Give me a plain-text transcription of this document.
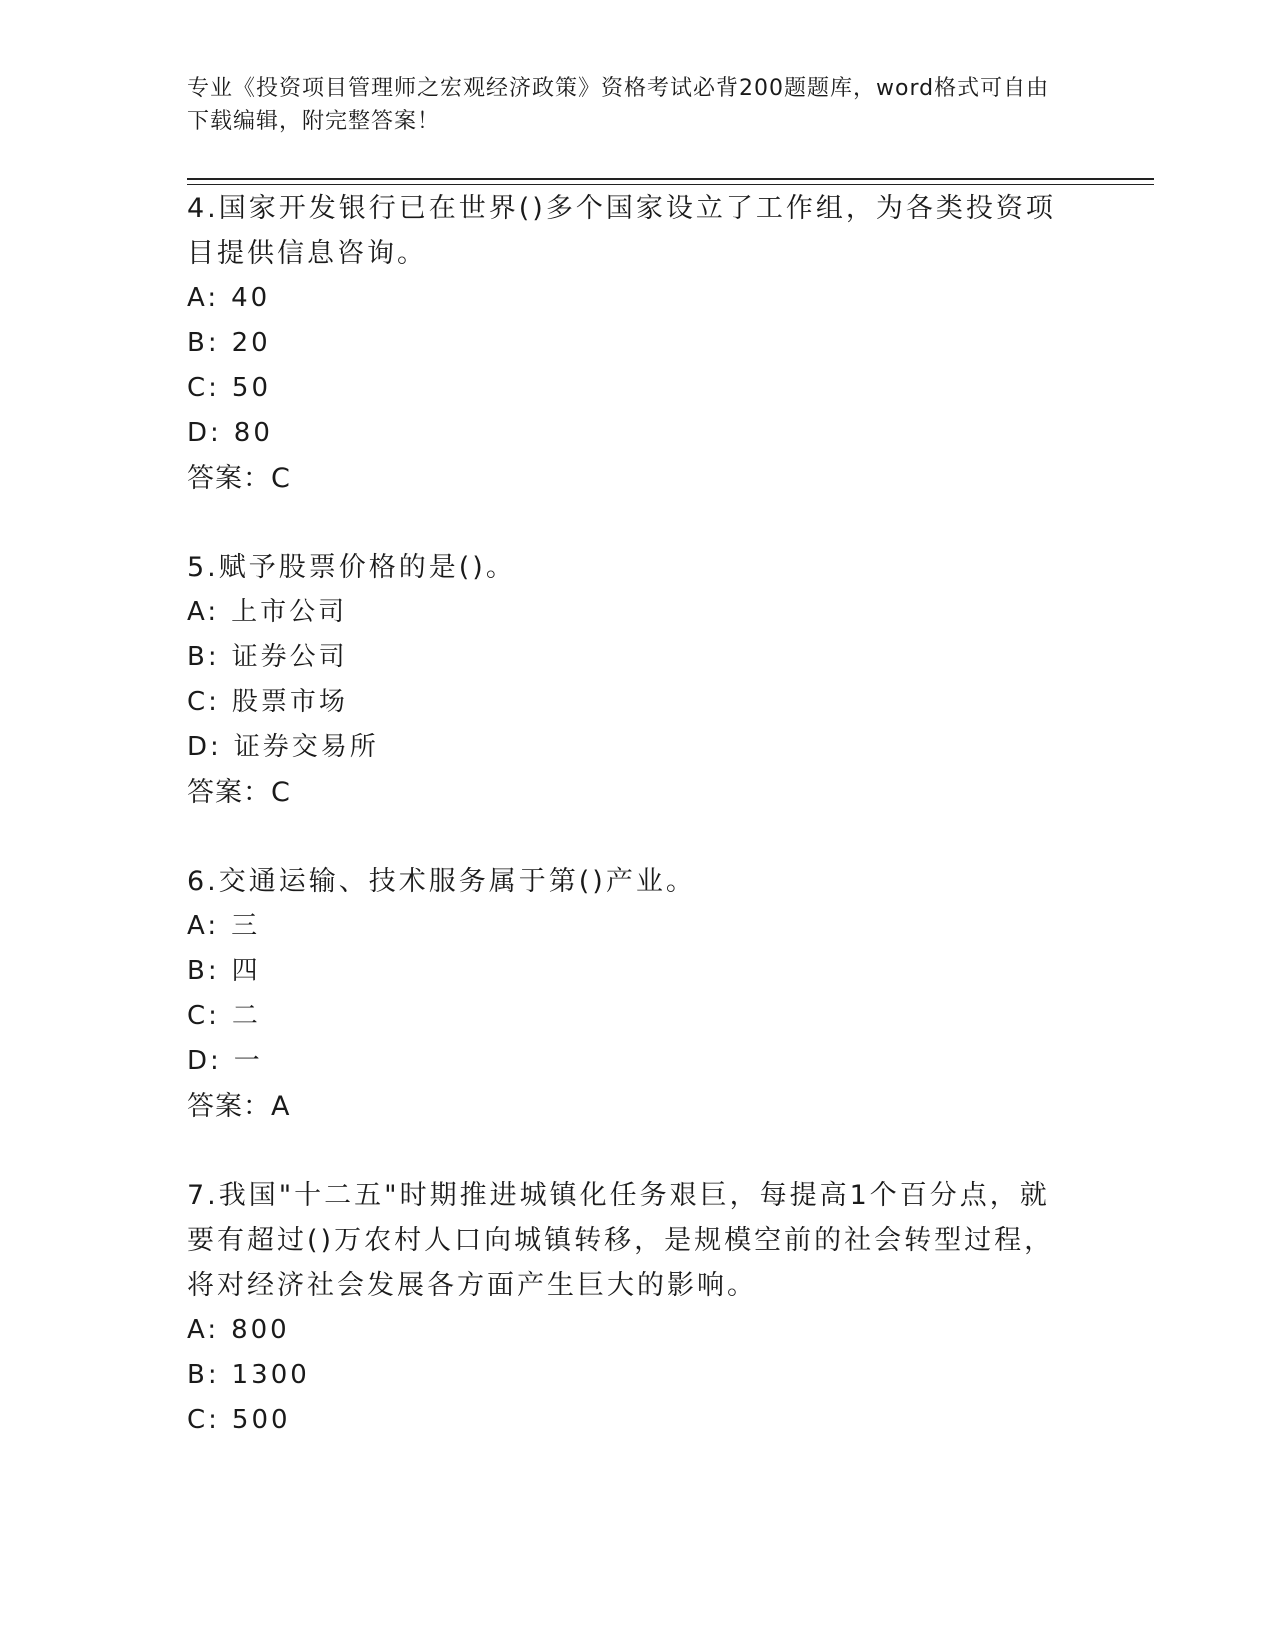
专业《投资项目管理师之宏观经济政策》资格考试必背200题题库，word格式可自由下载编辑，附完整答案！

4.国家开发银行已在世界()多个国家设立了工作组，为各类投资项目提供信息咨询。

A: 40

B: 20

C: 50

D: 80

答案：C

5.赋予股票价格的是()。

A: 上市公司

B: 证券公司

C: 股票市场

D: 证券交易所

答案：C

6.交通运输、技术服务属于第()产业。

A: 三

B: 四

C: 二

D: 一

答案：A

7.我国"十二五"时期推进城镇化任务艰巨，每提高1个百分点，就要有超过()万农村人口向城镇转移，是规模空前的社会转型过程，将对经济社会发展各方面产生巨大的影响。

A: 800

B: 1300

C: 500
